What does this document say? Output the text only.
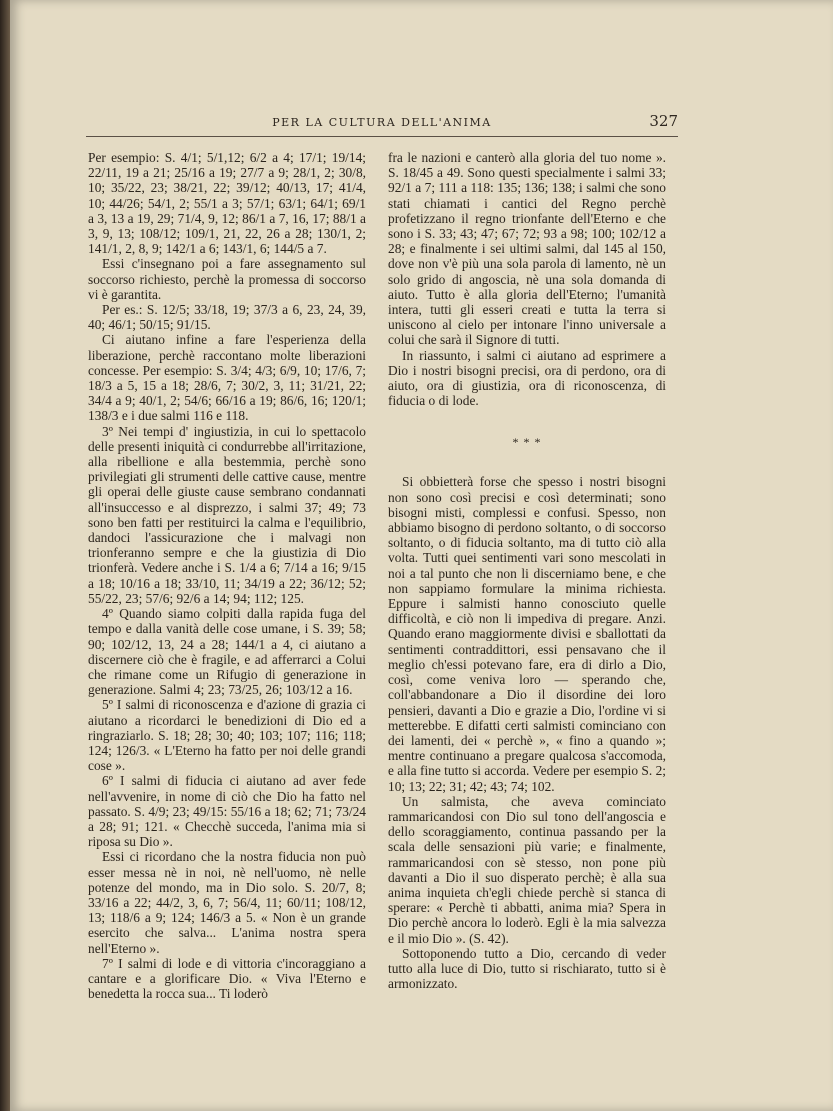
PER LA CULTURA DELL'ANIMA	327

Per esempio: S. 4/1; 5/1,12; 6/2 a 4; 17/1; 19/14; 22/11, 19 a 21; 25/16 a 19; 27/7 a 9; 28/1, 2; 30/8, 10; 35/22, 23; 38/21, 22; 39/12; 40/13, 17; 41/4, 10; 44/26; 54/1, 2; 55/1 a 3; 57/1; 63/1; 64/1; 69/1 a 3, 13 a 19, 29; 71/4, 9, 12; 86/1 a 7, 16, 17; 88/1 a 3, 9, 13; 108/12; 109/1, 21, 22, 26 a 28; 130/1, 2; 141/1, 2, 8, 9; 142/1 a 6; 143/1, 6; 144/5 a 7.

Essi c'insegnano poi a fare assegnamento sul soccorso richiesto, perchè la promessa di soccorso vi è garantita.

Per es.: S. 12/5; 33/18, 19; 37/3 a 6, 23, 24, 39, 40; 46/1; 50/15; 91/15.

Ci aiutano infine a fare l'esperienza della liberazione, perchè raccontano molte liberazioni concesse. Per esempio: S. 3/4; 4/3; 6/9, 10; 17/6, 7; 18/3 a 5, 15 a 18; 28/6, 7; 30/2, 3, 11; 31/21, 22; 34/4 a 9; 40/1, 2; 54/6; 66/16 a 19; 86/6, 16; 120/1; 138/3 e i due salmi 116 e 118.

3º Nei tempi d' ingiustizia, in cui lo spettacolo delle presenti iniquità ci condurrebbe all'irritazione, alla ribellione e alla bestemmia, perchè sono privilegiati gli strumenti delle cattive cause, mentre gli operai delle giuste cause sembrano condannati all'insuccesso e al disprezzo, i salmi 37; 49; 73 sono ben fatti per restituirci la calma e l'equilibrio, dandoci l'assicurazione che i malvagi non trionferanno sempre e che la giustizia di Dio trionferà. Vedere anche i S. 1/4 a 6; 7/14 a 16; 9/15 a 18; 10/16 a 18; 33/10, 11; 34/19 a 22; 36/12; 52; 55/22, 23; 57/6; 92/6 a 14; 94; 112; 125.

4º Quando siamo colpiti dalla rapida fuga del tempo e dalla vanità delle cose umane, i S. 39; 58; 90; 102/12, 13, 24 a 28; 144/1 a 4, ci aiutano a discernere ciò che è fragile, e ad afferrarci a Colui che rimane come un Rifugio di generazione in generazione. Salmi 4; 23; 73/25, 26; 103/12 a 16.

5º I salmi di riconoscenza e d'azione di grazia ci aiutano a ricordarci le benedizioni di Dio ed a ringraziarlo. S. 18; 28; 30; 40; 103; 107; 116; 118; 124; 126/3. « L'Eterno ha fatto per noi delle grandi cose ».

6º I salmi di fiducia ci aiutano ad aver fede nell'avvenire, in nome di ciò che Dio ha fatto nel passato. S. 4/9; 23; 49/15: 55/16 a 18; 62; 71; 73/24 a 28; 91; 121. « Checchè succeda, l'anima mia si riposa su Dio ».

Essi ci ricordano che la nostra fiducia non può esser messa nè in noi, nè nell'uomo, nè nelle potenze del mondo, ma in Dio solo. S. 20/7, 8; 33/16 a 22; 44/2, 3, 6, 7; 56/4, 11; 60/11; 108/12, 13; 118/6 a 9; 124; 146/3 a 5. « Non è un grande esercito che salva... L'anima nostra spera nell'Eterno ».

7º I salmi di lode e di vittoria c'incoraggiano a cantare e a glorificare Dio. « Viva l'Eterno e benedetta la rocca sua... Ti loderò

fra le nazioni e canterò alla gloria del tuo nome ». S. 18/45 a 49. Sono questi specialmente i salmi 33; 92/1 a 7; 111 a 118: 135; 136; 138; i salmi che sono stati chiamati i cantici del Regno perchè profetizzano il regno trionfante dell'Eterno e che sono i S. 33; 43; 47; 67; 72; 93 a 98; 100; 102/12 a 28; e finalmente i sei ultimi salmi, dal 145 al 150, dove non v'è più una sola parola di lamento, nè un solo grido di angoscia, nè una sola domanda di aiuto. Tutto è alla gloria dell'Eterno; l'umanità intera, tutti gli esseri creati e tutta la terra si uniscono al cielo per intonare l'inno universale a colui che sarà il Signore di tutti.

In riassunto, i salmi ci aiutano ad esprimere a Dio i nostri bisogni precisi, ora di perdono, ora di aiuto, ora di giustizia, ora di riconoscenza, di fiducia o di lode.

* * *

Si obbietterà forse che spesso i nostri bisogni non sono così precisi e così determinati; sono bisogni misti, complessi e confusi. Spesso, non abbiamo bisogno di perdono soltanto, o di soccorso soltanto, o di fiducia soltanto, ma di tutto ciò alla volta. Tutti quei sentimenti vari sono mescolati in noi a tal punto che non li discerniamo bene, e che non sappiamo formulare la minima richiesta. Eppure i salmisti hanno conosciuto quelle difficoltà, e ciò non li impediva di pregare. Anzi. Quando erano maggiormente divisi e sballottati da sentimenti contraddittori, essi pensavano che il meglio ch'essi potevano fare, era di dirlo a Dio, così, come veniva loro — sperando che, coll'abbandonare a Dio il disordine dei loro pensieri, davanti a Dio e grazie a Dio, l'ordine vi si metterebbe. E difatti certi salmisti cominciano con dei lamenti, dei « perchè », « fino a quando »; mentre continuano a pregare qualcosa s'accomoda, e alla fine tutto si accorda. Vedere per esempio S. 2; 10; 13; 22; 31; 42; 43; 74; 102.

Un salmista, che aveva cominciato rammaricandosi con Dio sul tono dell'angoscia e dello scoraggiamento, continua passando per la scala delle sensazioni più varie; e finalmente, rammaricandosi con sè stesso, non pone più davanti a Dio il suo disperato perchè; è alla sua anima inquieta ch'egli chiede perchè si stanca di sperare: « Perchè ti abbatti, anima mia? Spera in Dio perchè ancora lo loderò. Egli è la mia salvezza e il mio Dio ». (S. 42).

Sottoponendo tutto a Dio, cercando di veder tutto alla luce di Dio, tutto si rischiarato, tutto si è armonizzato.
